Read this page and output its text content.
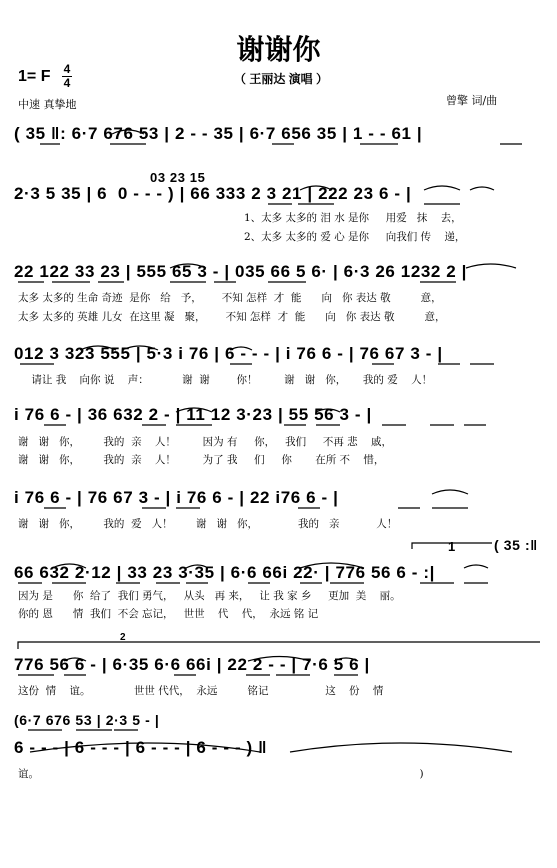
谢谢你
（ 王丽达 演唱 ）
1= F 4
4
中速 真挚地	曾擎 词/曲
( 35 ‖: 6·7 676 53 | 2 - - 35 | 6·7 656 35 | 1 - - 61 |
03 23 15
2·3 5 35 | 6  0 - - - ) | 66 333 2 3 21 | 222 23 6 - |
1、太多 太多的 泪 水 是你     用爱   抹    去，
2、太多 太多的 爱 心 是你     向我们 传    递，
22 122 33 23 | 555 65 3 - | 035 66 5 6· | 6·3 26 1232 2 |
太多 太多的 生命 奇迹  是你   给   予，      不知 怎样  才  能      向   你 表达 敬         意，
太多 太多的 英雄 儿女  在这里 凝   聚，      不知 怎样  才  能      向   你 表达 敬         意，
012 3 323 555 | 5·3 i 76 | 6 - - - | i 76 6 - | 76 67 3 - |
请让 我    向你 说    声：          谢  谢        你！        谢   谢   你，     我的 爱    人！
i 76 6 - | 36 632 2 - | 11 12 3·23 | 55 56 3 - |
谢   谢   你，       我的  亲    人！        因为 有     你，   我们     不再 悲    戚，
谢   谢   你，       我的  亲    人！        为了 我     们     你       在所 不    惜，
i 76 6 - | 76 67 3 - | i 76 6 - | 22 i76 6 - |
谢   谢   你，       我的  爱   人！       谢   谢   你，            我的   亲           人！
1	( 35 :‖
66 632 2·12 | 33 23 3·35 | 6·6 66i 22· | 776 56 6 - :|
因为 是      你  给了  我们 勇气，   从头   再 来，   让 我 家 乡     更加  美    丽。
你的 恩      情  我们  不会 忘记，   世世    代    代，  永远 铭 记
2
776 56 6 - | 6·35 6·6 66i | 22 2 - - | 7·6 5 6 |
这份  情    谊。             世世 代代，  永远         铭记                 这    份    情
(6·7 676 53 | 2·3 5 - |
6 - - - | 6 - - - | 6 - - - | 6 - - - ) ‖
谊。                                                                                                                  )
